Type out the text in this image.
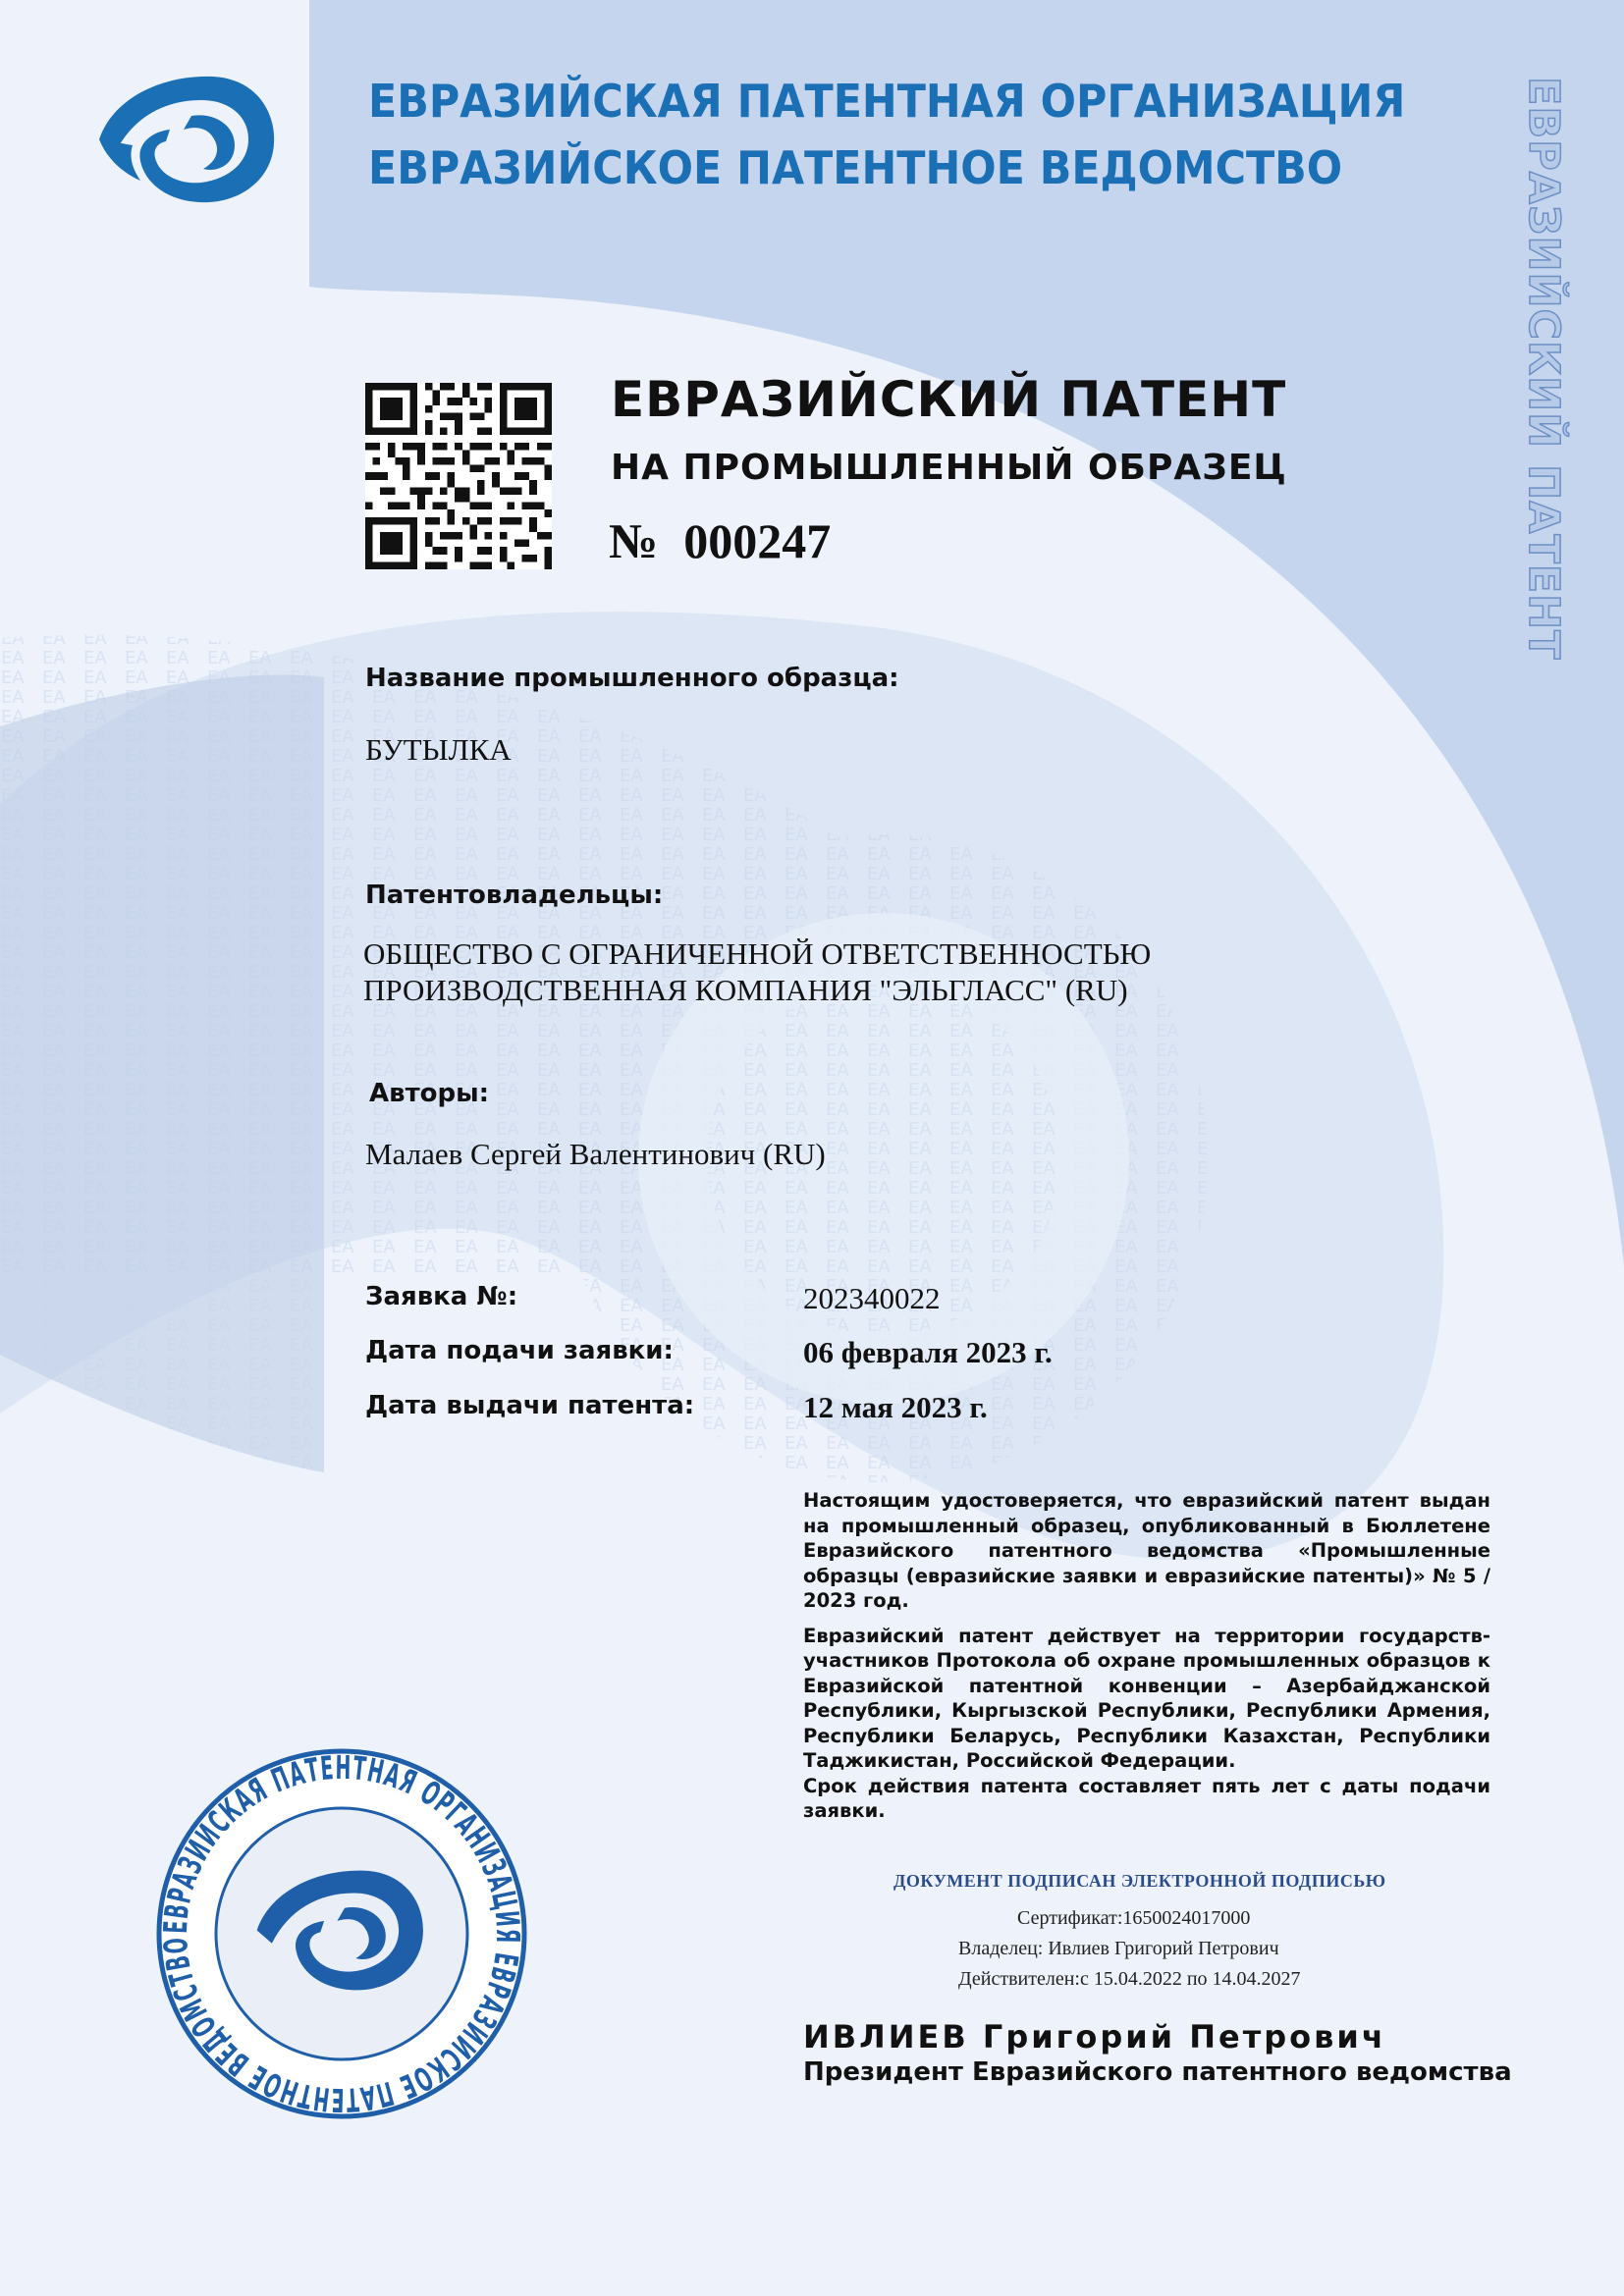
ЕВРАЗИЙСКАЯ ПАТЕНТНАЯ ОРГАНИЗАЦИЯ
ЕВРАЗИЙСКОЕ ПАТЕНТНОЕ ВЕДОМСТВО	ЕВРАЗИЙСКИЙ ПАТЕНТ
ЕВРАЗИЙСКИЙ ПАТЕНТ
НА ПРОМЫШЛЕННЫЙ ОБРАЗЕЦ
№ 000247
Название промышленного образца:
БУТЫЛКА
Патентовладельцы:
ОБЩЕСТВО С ОГРАНИЧЕННОЙ ОТВЕТСТВЕННОСТЬЮ
ПРОИЗВОДСТВЕННАЯ КОМПАНИЯ "ЭЛЬГЛАСС" (RU)
Авторы:
Малаев Сергей Валентинович (RU)
Заявка №:	202340022
Дата подачи заявки:	06 февраля 2023 г.
Дата выдачи патента:	12 мая 2023 г.

Настоящим удостоверяется, что евразийский патент выдан на промышленный образец, опубликованный в Бюллетене Евразийского патентного ведомства «Промышленные образцы (евразийские заявки и евразийские патенты)» № 5 / 2023 год.

Евразийский патент действует на территории государств-участников Протокола об охране промышленных образцов к Евразийской патентной конвенции – Азербайджанской Республики, Кыргызской Республики, Республики Армения, Республики Беларусь, Республики Казахстан, Республики Таджикистан, Российской Федерации.

Срок действия патента составляет пять лет с даты подачи заявки.

ДОКУМЕНТ ПОДПИСАН ЭЛЕКТРОННОЙ ПОДПИСЬЮ
Сертификат:1650024017000
Владелец: Ивлиев Григорий Петрович
Действителен:с 15.04.2022 по 14.04.2027
ИВЛИЕВ Григорий Петрович
Президент Евразийского патентного ведомства
ЕВРАЗИЙСКАЯ ПАТЕНТНАЯ ОРГАНИЗАЦИЯ ЕВРАЗИЙСКОЕ ПАТЕНТНОЕ ВЕДОМСТВО
